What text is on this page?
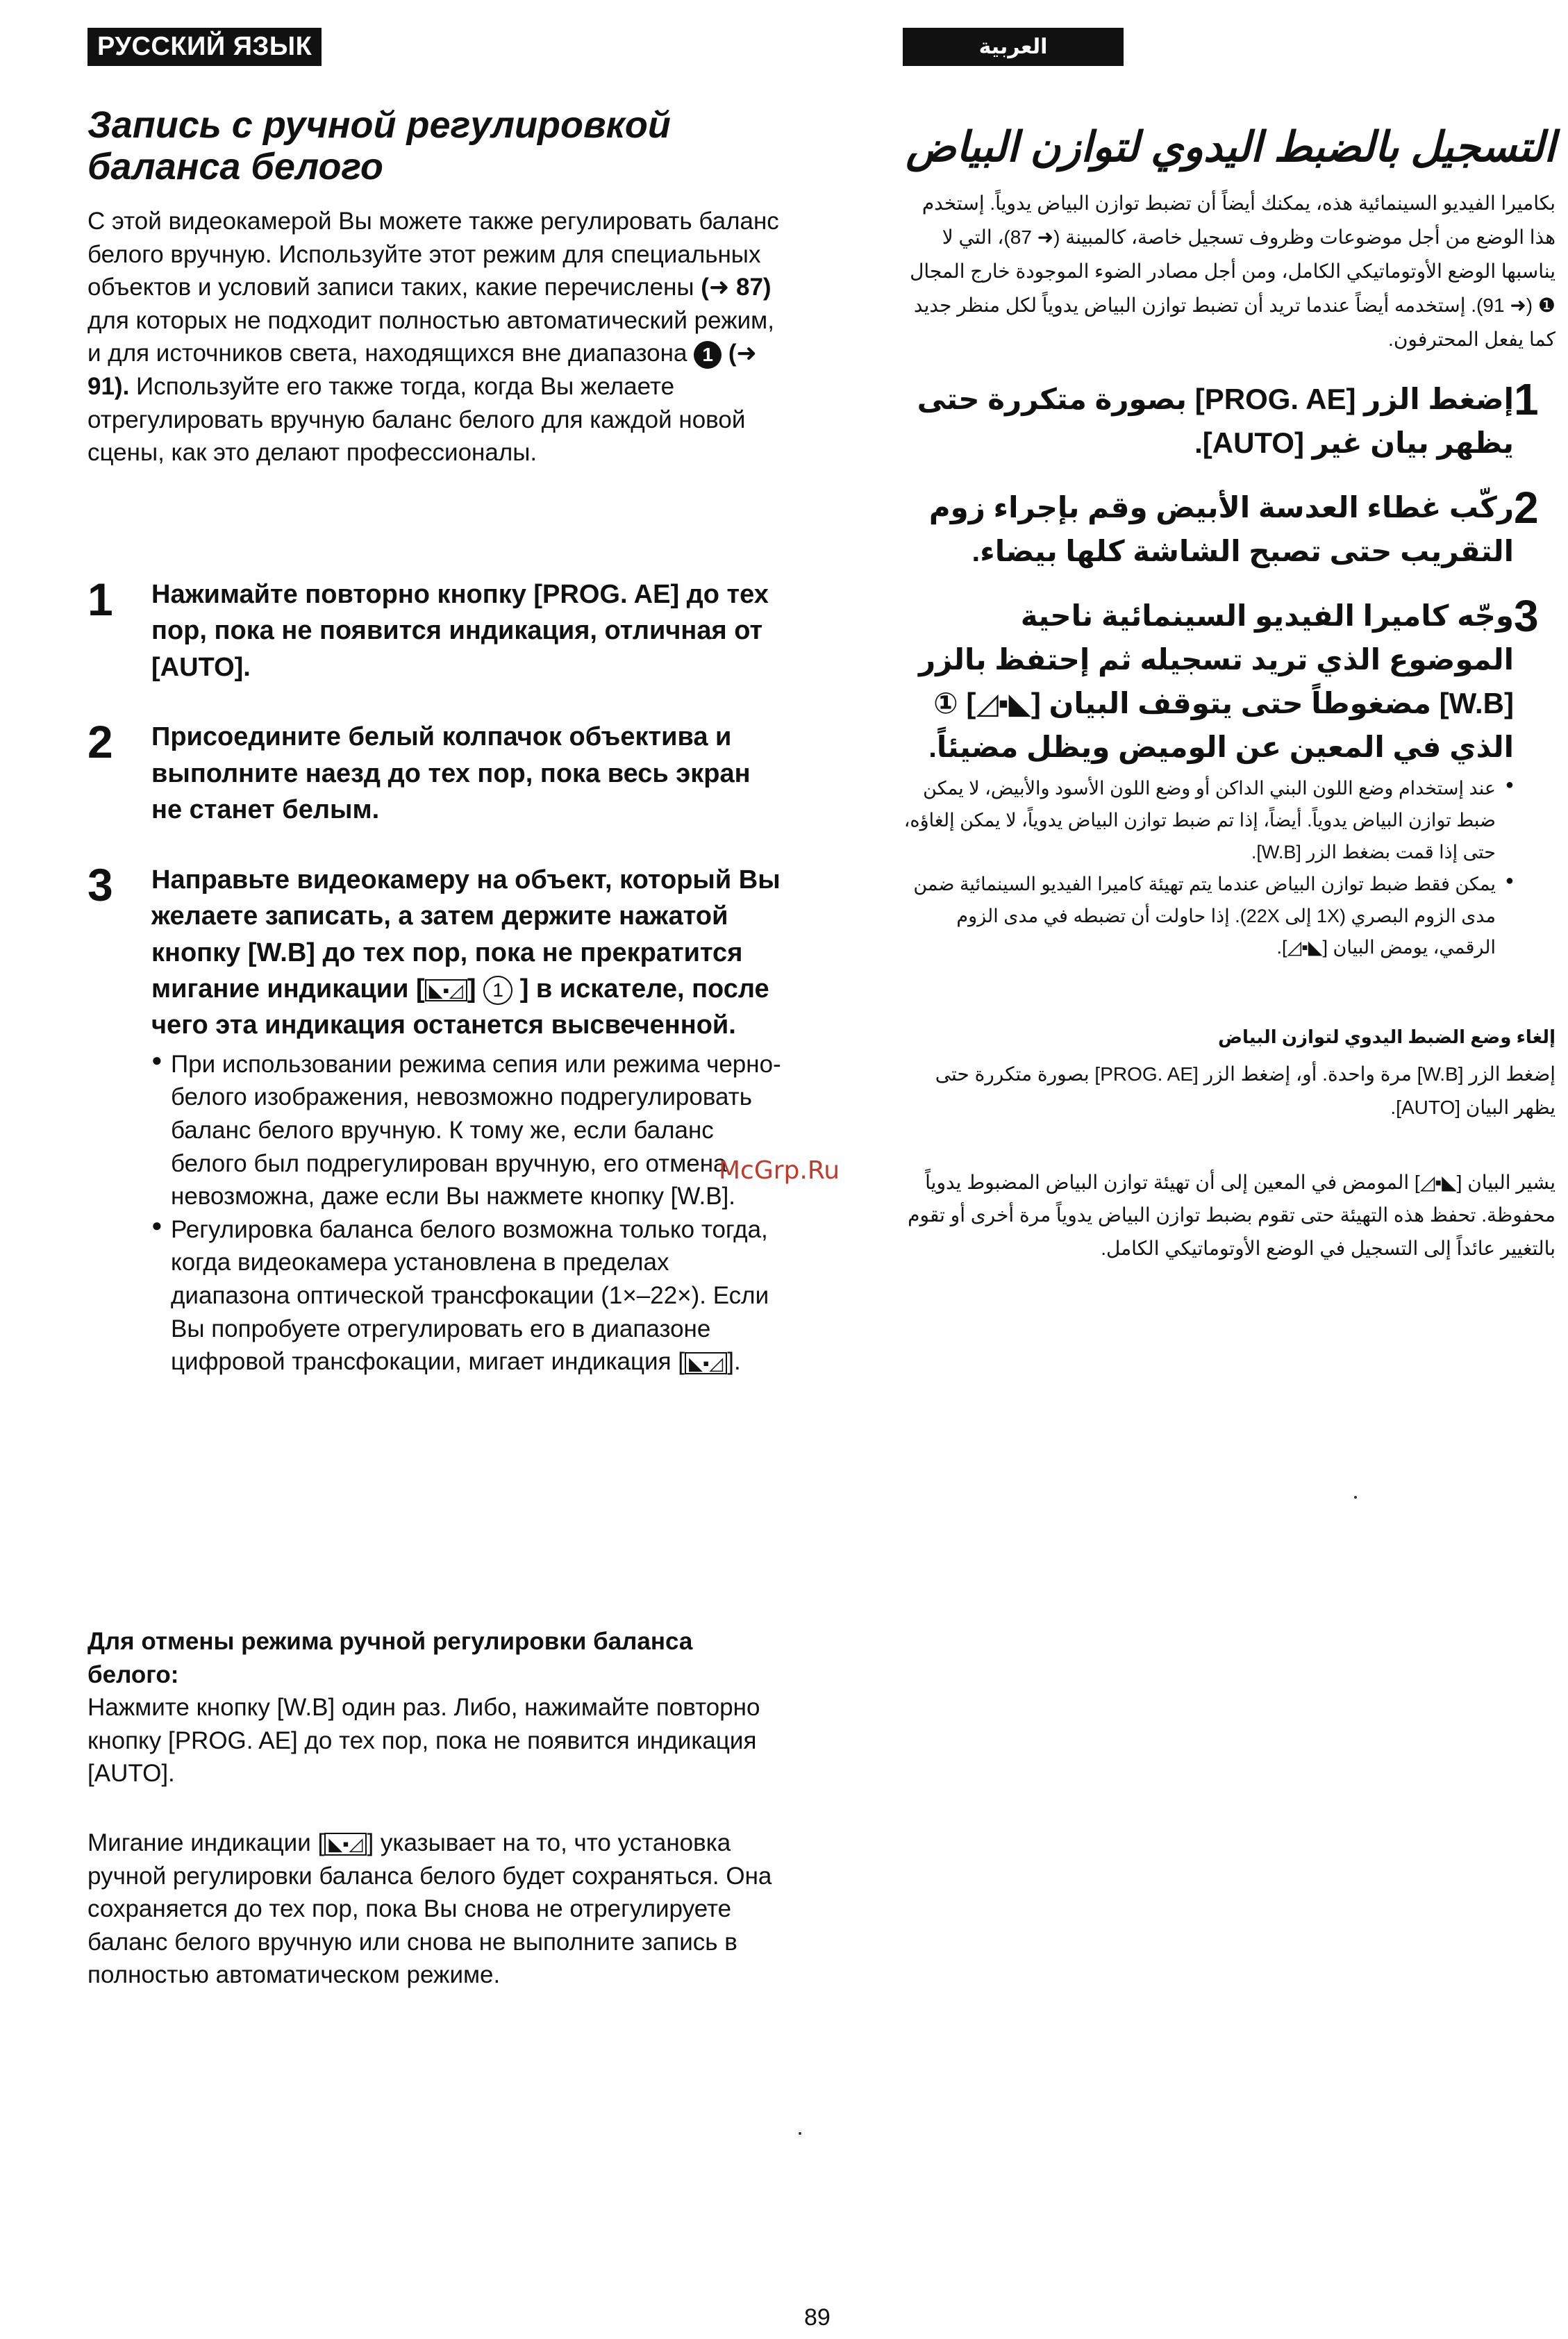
РУССКИЙ ЯЗЫК
Запись с ручной регулировкой баланса белого
С этой видеокамерой Вы можете также регулировать баланс белого вручную. Используйте этот режим для специальных объектов и условий записи таких, какие перечислены (➜ 87) для которых не подходит полностью автоматический режим, и для источников света, находящихся вне диапазона 1 (➜ 91). Используйте его также тогда, когда Вы желаете отрегулировать вручную баланс белого для каждой новой сцены, как это делают профессионалы.
1	Нажимайте повторно кнопку [PROG. AE] до тех пор, пока не появится индикация, отличная от [AUTO].
2	Присоедините белый колпачок объектива и выполните наезд до тех пор, пока весь экран не станет белым.
3	Направьте видеокамеру на объект, который Вы желаете записать, а затем держите нажатой кнопку [W.B] до тех пор, пока не прекратится мигание индикации [ ◣▪◿ ] 1 ] в искателе, после чего эта индикация останется высвеченной.
● При использовании режима сепия или режима черно-белого изображения, невозможно подрегулировать баланс белого вручную. К тому же, если баланс белого был подрегулирован вручную, его отмена невозможна, даже если Вы нажмете кнопку [W.B].
● Регулировка баланса белого возможна только тогда, когда видеокамера установлена в пределах диапазона оптической трансфокации (1×–22×). Если Вы попробуете отрегулировать его в диапазоне цифровой трансфокации, мигает индикация [ ◣▪◿ ].
Для отмены режима ручной регулировки баланса белого:
Нажмите кнопку [W.B] один раз. Либо, нажимайте повторно кнопку [PROG. AE] до тех пор, пока не появится индикация [AUTO].
Мигание индикации [ ◣▪◿ ] указывает на то, что установка ручной регулировки баланса белого будет сохраняться. Она сохраняется до тех пор, пока Вы снова не отрегулируете баланс белого вручную или снова не выполните запись в полностью автоматическом режиме.
العربية
التسجيل بالضبط اليدوي لتوازن البياض
بكاميرا الفيديو السينمائية هذه، يمكنك أيضاً أن تضبط توازن البياض يدوياً. إستخدم هذا الوضع من أجل موضوعات وظروف تسجيل خاصة، كالمبينة (➜ 87)، التي لا يناسبها الوضع الأوتوماتيكي الكامل، ومن أجل مصادر الضوء الموجودة خارج المجال ❶ (➜ 91). إستخدمه أيضاً عندما تريد أن تضبط توازن البياض يدوياً لكل منظر جديد كما يفعل المحترفون.
1
إضغط الزر [PROG. AE] بصورة متكررة حتى يظهر بيان غير [AUTO].
2
ركّب غطاء العدسة الأبيض وقم بإجراء زوم التقريب حتى تصبح الشاشة كلها بيضاء.
3
وجّه كاميرا الفيديو السينمائية ناحية الموضوع الذي تريد تسجيله ثم إحتفظ بالزر [W.B] مضغوطاً حتى يتوقف البيان [◣▪◿] ① الذي في المعين عن الوميض ويظل مضيئاً.
● عند إستخدام وضع اللون البني الداكن أو وضع اللون الأسود والأبيض، لا يمكن ضبط توازن البياض يدوياً. أيضاً، إذا تم ضبط توازن البياض يدوياً، لا يمكن إلغاؤه، حتى إذا قمت بضغط الزر [W.B].
● يمكن فقط ضبط توازن البياض عندما يتم تهيئة كاميرا الفيديو السينمائية ضمن مدى الزوم البصري (1X إلى 22X). إذا حاولت أن تضبطه في مدى الزوم الرقمي، يومض البيان [◣▪◿].
إلغاء وضع الضبط اليدوي لتوازن البياض

إضغط الزر [W.B] مرة واحدة. أو، إضغط الزر [PROG. AE] بصورة متكررة حتى يظهر البيان [AUTO].

يشير البيان [◣▪◿] المومض في المعين إلى أن تهيئة توازن البياض المضبوط يدوياً محفوظة. تحفظ هذه التهيئة حتى تقوم بضبط توازن البياض يدوياً مرة أخرى أو تقوم بالتغيير عائداً إلى التسجيل في الوضع الأوتوماتيكي الكامل.
McGrp.Ru
89
